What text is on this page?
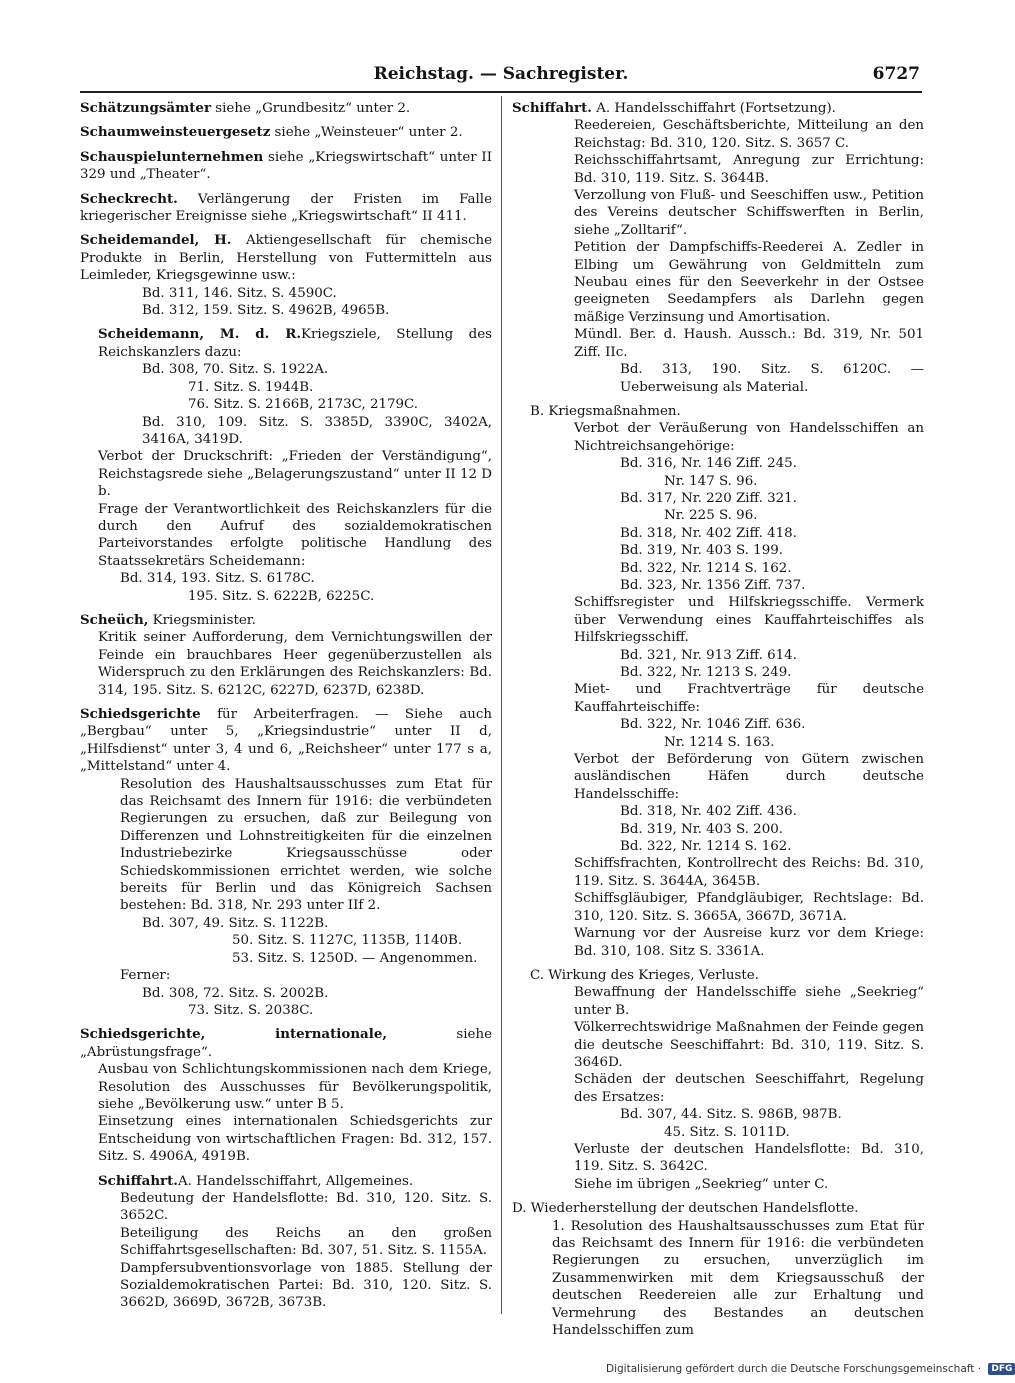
Reichstag. — Sachregister.	6727

Schätzungsämter siehe „Grundbesitz“ unter 2.

Schaumweinsteuergesetz siehe „Weinsteuer“ unter 2.

Schauspielunternehmen siehe „Kriegswirtschaft“ unter II 329 und „Theater“.

Scheckrecht. Verlängerung der Fristen im Falle kriegerischer Ereignisse siehe „Kriegswirtschaft“ II 411.

Scheidemandel, H. Aktiengesellschaft für chemische Produkte in Berlin, Herstellung von Futtermitteln aus Leimleder, Kriegsgewinne usw.:

Bd. 311, 146. Sitz. S. 4590C.

Bd. 312, 159. Sitz. S. 4962B, 4965B.

Scheidemann, M. d. R.Kriegsziele, Stellung des Reichskanzlers dazu:

Bd. 308, 70. Sitz. S. 1922A.

71. Sitz. S. 1944B.

76. Sitz. S. 2166B, 2173C, 2179C.

Bd. 310, 109. Sitz. S. 3385D, 3390C, 3402A, 3416A, 3419D.

Verbot der Druckschrift: „Frieden der Verständigung“, Reichstagsrede siehe „Belagerungszustand“ unter II 12 D b.

Frage der Verantwortlichkeit des Reichskanzlers für die durch den Aufruf des sozialdemokratischen Parteivorstandes erfolgte politische Handlung des Staatssekretärs Scheidemann:

Bd. 314, 193. Sitz. S. 6178C.

195. Sitz. S. 6222B, 6225C.

Scheüch, Kriegsminister.

Kritik seiner Aufforderung, dem Vernichtungswillen der Feinde ein brauchbares Heer gegenüberzustellen als Widerspruch zu den Erklärungen des Reichskanzlers: Bd. 314, 195. Sitz. S. 6212C, 6227D, 6237D, 6238D.

Schiedsgerichte für Arbeiterfragen. — Siehe auch „Bergbau“ unter 5, „Kriegsindustrie“ unter II d, „Hilfsdienst“ unter 3, 4 und 6, „Reichsheer“ unter 177 s a, „Mittelstand“ unter 4.

Resolution des Haushaltsausschusses zum Etat für das Reichsamt des Innern für 1916: die verbündeten Regierungen zu ersuchen, daß zur Beilegung von Differenzen und Lohnstreitigkeiten für die einzelnen Industriebezirke Kriegsausschüsse oder Schiedskommissionen errichtet werden, wie solche bereits für Berlin und das Königreich Sachsen bestehen: Bd. 318, Nr. 293 unter IIf 2.

Bd. 307, 49. Sitz. S. 1122B.

50. Sitz. S. 1127C, 1135B, 1140B.

53. Sitz. S. 1250D. — Angenommen.

Ferner:

Bd. 308, 72. Sitz. S. 2002B.

73. Sitz. S. 2038C.

Schiedsgerichte, internationale, siehe „Abrüstungsfrage“.

Ausbau von Schlichtungskommissionen nach dem Kriege, Resolution des Ausschusses für Bevölkerungspolitik, siehe „Bevölkerung usw.“ unter B 5.

Einsetzung eines internationalen Schiedsgerichts zur Entscheidung von wirtschaftlichen Fragen: Bd. 312, 157. Sitz. S. 4906A, 4919B.

Schiffahrt.A. Handelsschiffahrt, Allgemeines.

Bedeutung der Handelsflotte: Bd. 310, 120. Sitz. S. 3652C.

Beteiligung des Reichs an den großen Schiffahrtsgesellschaften: Bd. 307, 51. Sitz. S. 1155A.

Dampfersubventionsvorlage von 1885. Stellung der Sozialdemokratischen Partei: Bd. 310, 120. Sitz. S. 3662D, 3669D, 3672B, 3673B.

Schiffahrt. A. Handelsschiffahrt (Fortsetzung).

Reedereien, Geschäftsberichte, Mitteilung an den Reichstag: Bd. 310, 120. Sitz. S. 3657 C.

Reichsschiffahrtsamt, Anregung zur Errichtung: Bd. 310, 119. Sitz. S. 3644B.

Verzollung von Fluß- und Seeschiffen usw., Petition des Vereins deutscher Schiffswerften in Berlin, siehe „Zolltarif“.

Petition der Dampfschiffs-Reederei A. Zedler in Elbing um Gewährung von Geldmitteln zum Neubau eines für den Seeverkehr in der Ostsee geeigneten Seedampfers als Darlehn gegen mäßige Verzinsung und Amortisation.

Mündl. Ber. d. Haush. Aussch.: Bd. 319, Nr. 501 Ziff. IIc.

Bd. 313, 190. Sitz. S. 6120C. — Ueberweisung als Material.

B. Kriegsmaßnahmen.

Verbot der Veräußerung von Handelsschiffen an Nichtreichsangehörige:

Bd. 316, Nr. 146 Ziff. 245.

Nr. 147 S. 96.

Bd. 317, Nr. 220 Ziff. 321.

Nr. 225 S. 96.

Bd. 318, Nr. 402 Ziff. 418.

Bd. 319, Nr. 403 S. 199.

Bd. 322, Nr. 1214 S. 162.

Bd. 323, Nr. 1356 Ziff. 737.

Schiffsregister und Hilfskriegsschiffe. Vermerk über Verwendung eines Kauffahrteischiffes als Hilfskriegsschiff.

Bd. 321, Nr. 913 Ziff. 614.

Bd. 322, Nr. 1213 S. 249.

Miet- und Frachtverträge für deutsche Kauffahrteischiffe:

Bd. 322, Nr. 1046 Ziff. 636.

Nr. 1214 S. 163.

Verbot der Beförderung von Gütern zwischen ausländischen Häfen durch deutsche Handelsschiffe:

Bd. 318, Nr. 402 Ziff. 436.

Bd. 319, Nr. 403 S. 200.

Bd. 322, Nr. 1214 S. 162.

Schiffsfrachten, Kontrollrecht des Reichs: Bd. 310, 119. Sitz. S. 3644A, 3645B.

Schiffsgläubiger, Pfandgläubiger, Rechtslage: Bd. 310, 120. Sitz. S. 3665A, 3667D, 3671A.

Warnung vor der Ausreise kurz vor dem Kriege: Bd. 310, 108. Sitz S. 3361A.

C. Wirkung des Krieges, Verluste.

Bewaffnung der Handelsschiffe siehe „Seekrieg“ unter B.

Völkerrechtswidrige Maßnahmen der Feinde gegen die deutsche Seeschiffahrt: Bd. 310, 119. Sitz. S. 3646D.

Schäden der deutschen Seeschiffahrt, Regelung des Ersatzes:

Bd. 307, 44. Sitz. S. 986B, 987B.

45. Sitz. S. 1011D.

Verluste der deutschen Handelsflotte: Bd. 310, 119. Sitz. S. 3642C.

Siehe im übrigen „Seekrieg“ unter C.

D. Wiederherstellung der deutschen Handelsflotte.

1. Resolution des Haushaltsausschusses zum Etat für das Reichsamt des Innern für 1916: die verbündeten Regierungen zu ersuchen, unverzüglich im Zusammenwirken mit dem Kriegsausschuß der deutschen Reedereien alle zur Erhaltung und Vermehrung des Bestandes an deutschen Handelsschiffen zum

Digitalisierung gefördert durch die Deutsche Forschungsgemeinschaft · DFG
